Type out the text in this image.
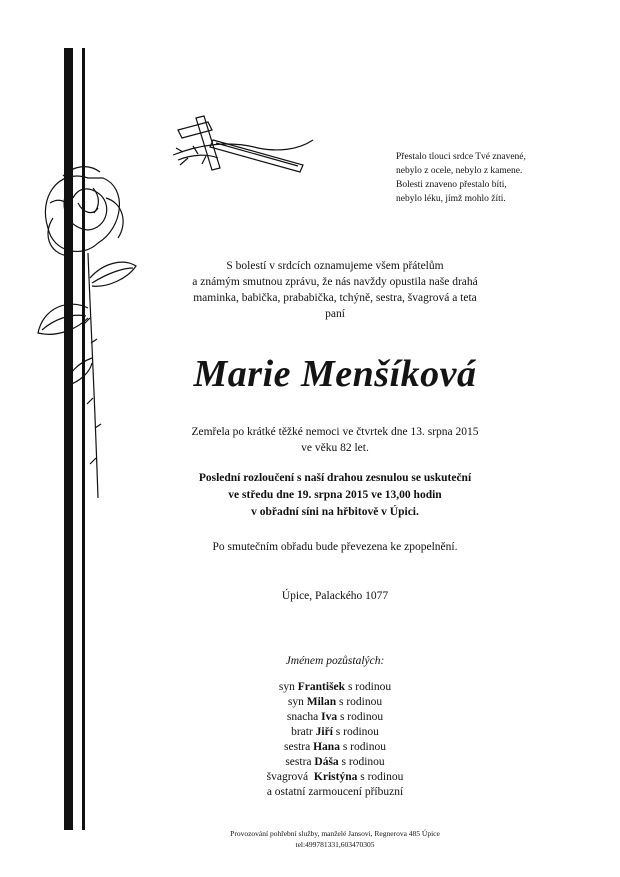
Přestalo tlouci srdce Tvé znavené,
nebylo z ocele, nebylo z kamene.
Bolesti znaveno přestalo bíti,
nebylo léku, jímž mohlo žíti.
S bolestí v srdcích oznamujeme všem přátelům
a známým smutnou zprávu, že nás navždy opustila naše drahá
maminka, babička, prababička, tchýně, sestra, švagrová a teta
paní
Marie Menšíková
Zemřela po krátké těžké nemoci ve čtvrtek dne 13. srpna 2015
ve věku 82 let.
Poslední rozloučení s naší drahou zesnulou se uskuteční
ve středu dne 19. srpna 2015 ve 13,00 hodin
v obřadní síni na hřbitově v Úpici.
Po smutečním obřadu bude převezena ke zpopelnění.
Úpice, Palackého 1077
Jménem pozůstalých:
syn František s rodinou
syn Milan s rodinou
snacha Iva s rodinou
bratr Jiří s rodinou
sestra Hana s rodinou
sestra Dáša s rodinou
švagrová  Kristýna s rodinou
a ostatní zarmoucení příbuzní
Provozování pohřební služby, manželé Jansovi, Regnerova 485 Úpice
tel:499781331,603470305
